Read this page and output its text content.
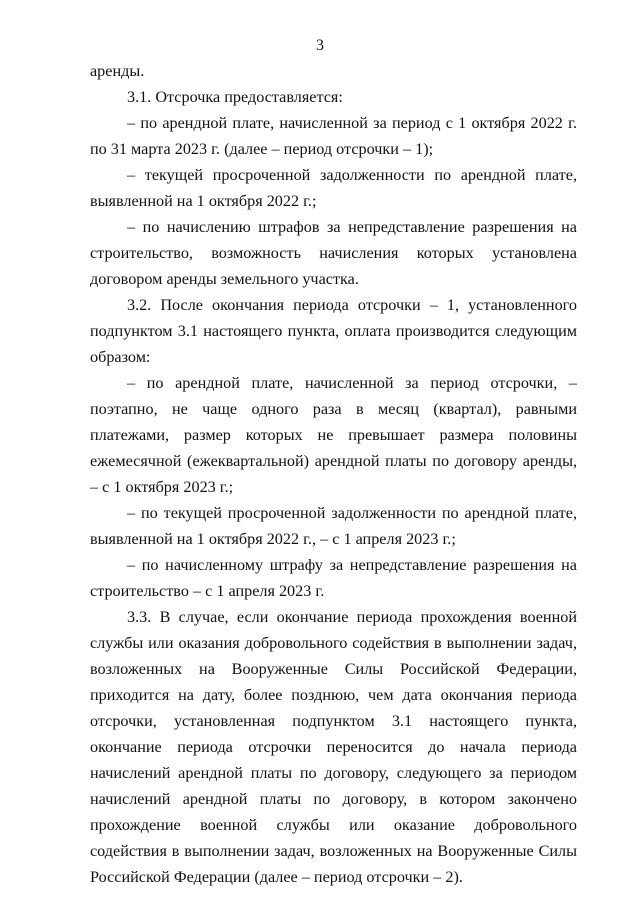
3

аренды.

3.1. Отсрочка предоставляется:

– по арендной плате, начисленной за период с 1 октября 2022 г. по 31 марта 2023 г. (далее – период отсрочки – 1);

– текущей просроченной задолженности по арендной плате, выявленной на 1 октября 2022 г.;

– по начислению штрафов за непредставление разрешения на строительство, возможность начисления которых установлена договором аренды земельного участка.

3.2. После окончания периода отсрочки – 1, установленного подпунктом 3.1 настоящего пункта, оплата производится следующим образом:

– по арендной плате, начисленной за период отсрочки, – поэтапно, не чаще одного раза в месяц (квартал), равными платежами, размер которых не превышает размера половины ежемесячной (ежеквартальной) арендной платы по договору аренды, – с 1 октября 2023 г.;

– по текущей просроченной задолженности по арендной плате, выявленной на 1 октября 2022 г., – с 1 апреля 2023 г.;

– по начисленному штрафу за непредставление разрешения на строительство – с 1 апреля 2023 г.

3.3. В случае, если окончание периода прохождения военной службы или оказания добровольного содействия в выполнении задач, возложенных на Вооруженные Силы Российской Федерации, приходится на дату, более позднюю, чем дата окончания периода отсрочки, установленная подпунктом 3.1 настоящего пункта, окончание периода отсрочки переносится до начала периода начислений арендной платы по договору, следующего за периодом начислений арендной платы по договору, в котором закончено прохождение военной службы или оказание добровольного содействия в выполнении задач, возложенных на Вооруженные Силы Российской Федерации (далее – период отсрочки – 2).
